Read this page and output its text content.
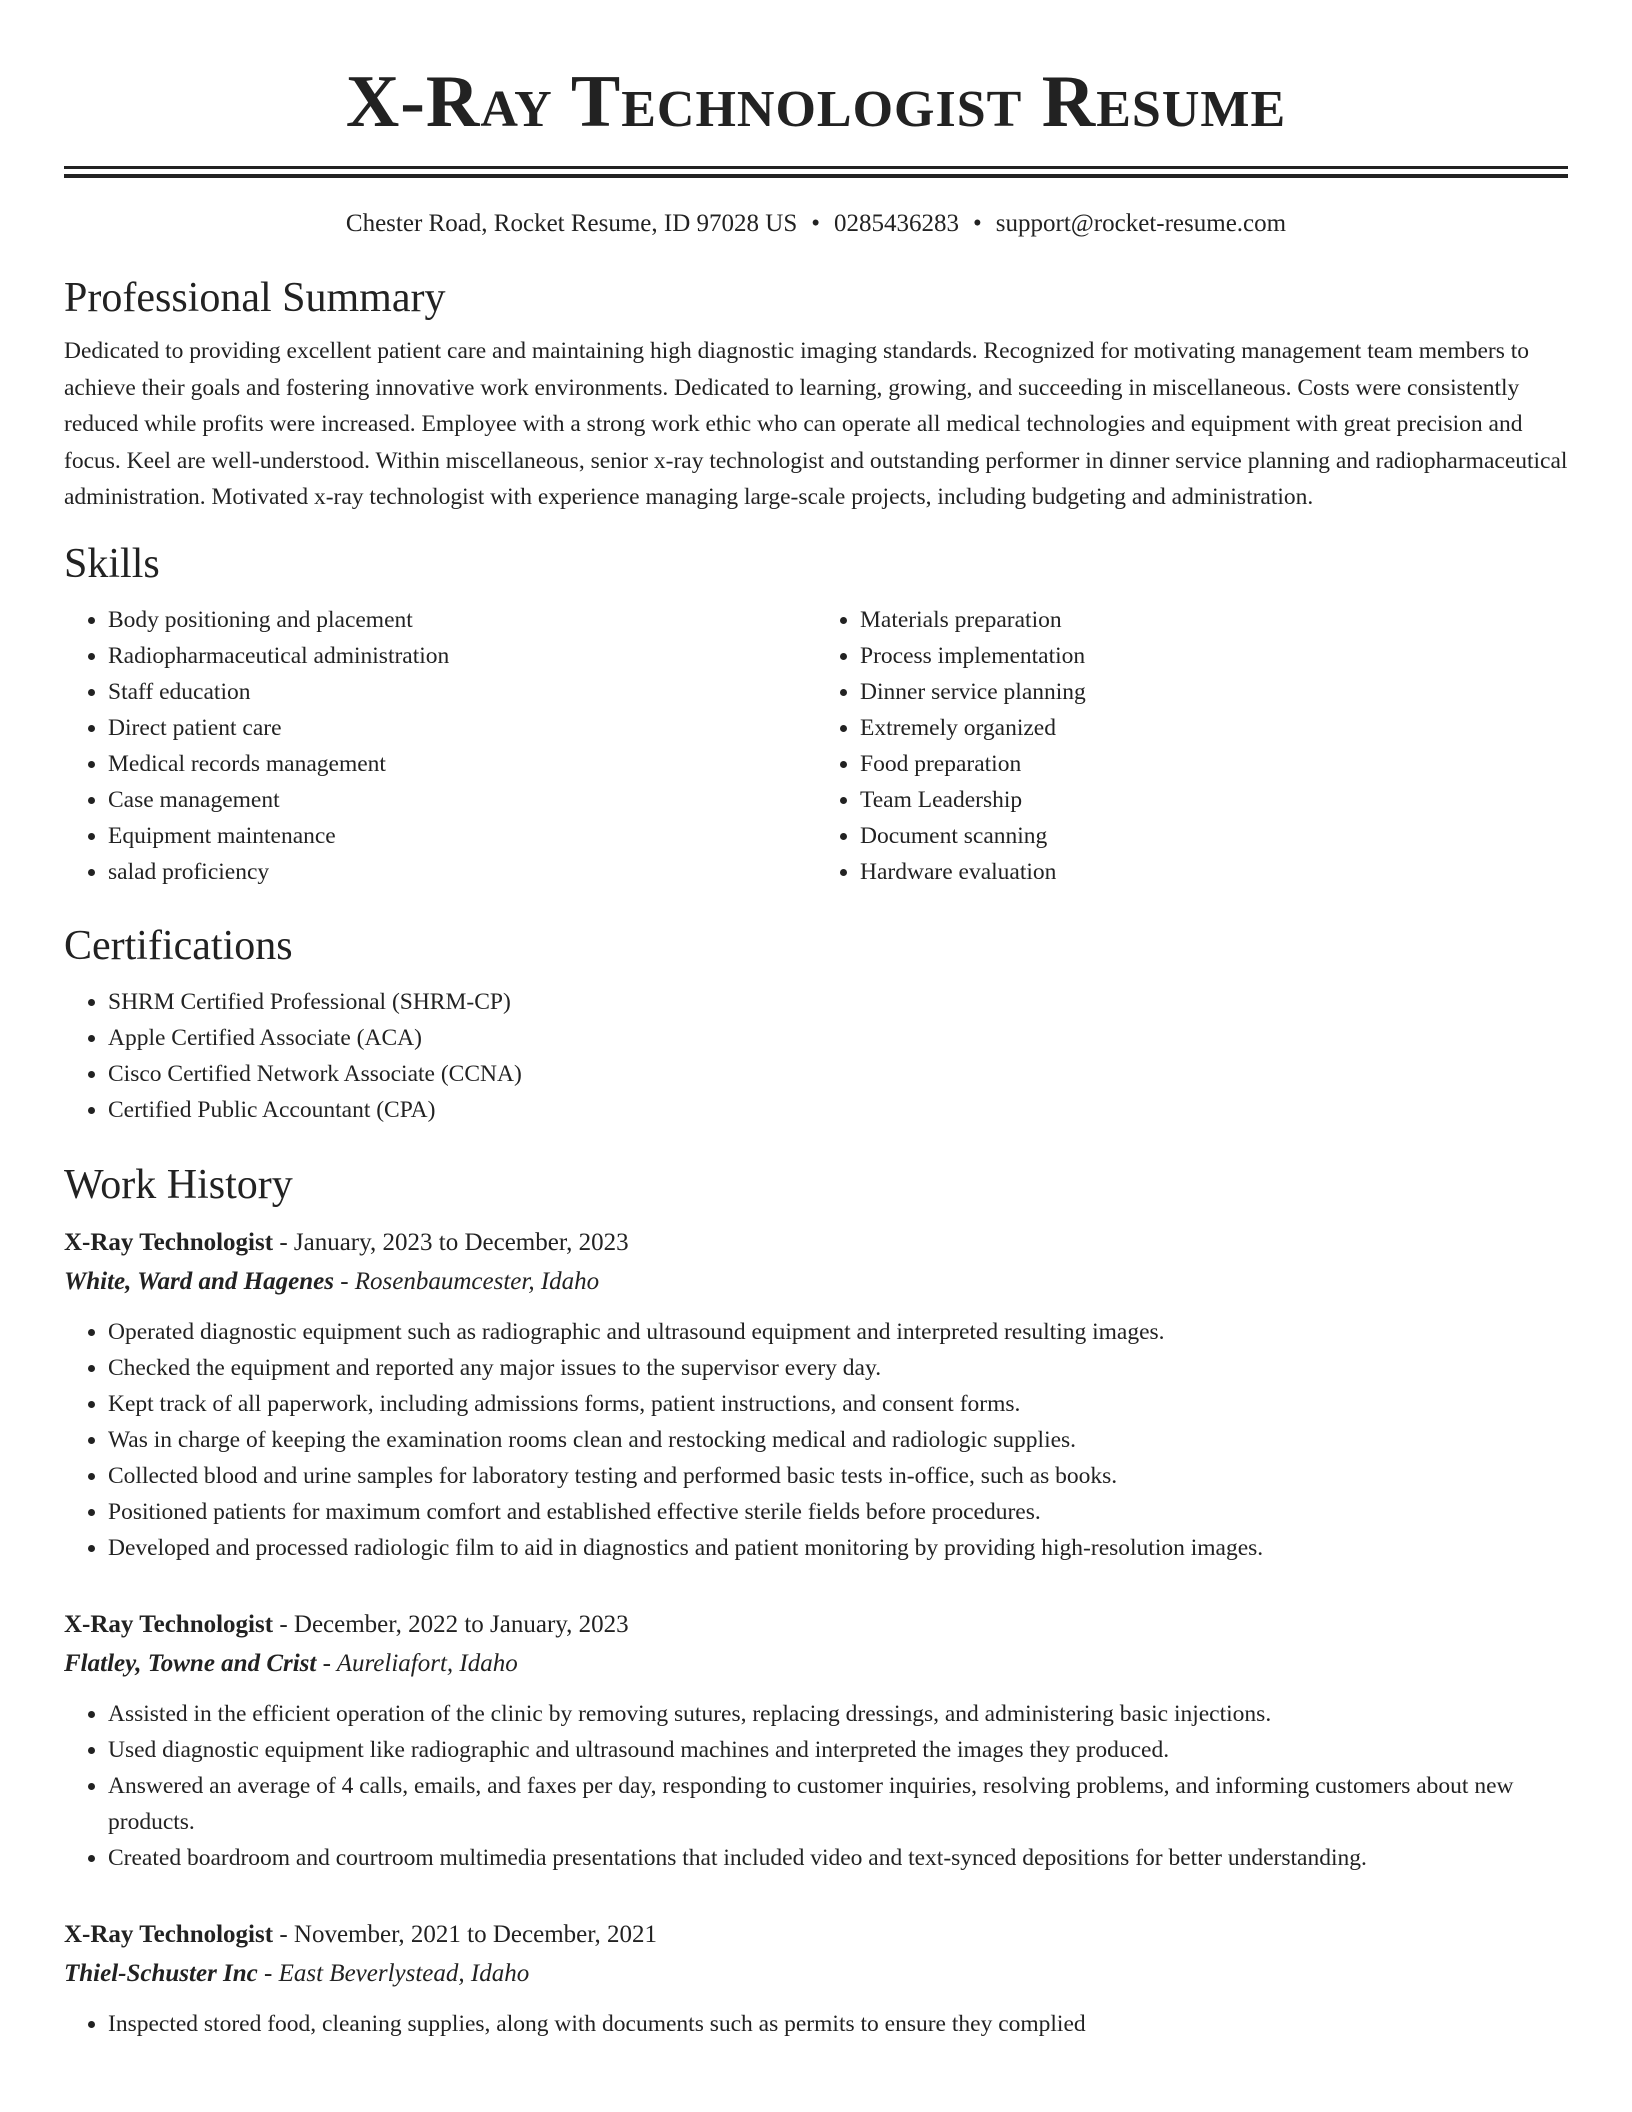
X-Ray Technologist Resume
Chester Road, Rocket Resume, ID 97028 US • 0285436283 • support@rocket-resume.com
Professional Summary
Dedicated to providing excellent patient care and maintaining high diagnostic imaging standards. Recognized for motivating management team members to achieve their goals and fostering innovative work environments. Dedicated to learning, growing, and succeeding in miscellaneous. Costs were consistently reduced while profits were increased. Employee with a strong work ethic who can operate all medical technologies and equipment with great precision and focus. Keel are well-understood. Within miscellaneous, senior x-ray technologist and outstanding performer in dinner service planning and radiopharmaceutical administration. Motivated x-ray technologist with experience managing large-scale projects, including budgeting and administration.
Skills
• Body positioning and placement
• Radiopharmaceutical administration
• Staff education
• Direct patient care
• Medical records management
• Case management
• Equipment maintenance
• salad proficiency
• Materials preparation
• Process implementation
• Dinner service planning
• Extremely organized
• Food preparation
• Team Leadership
• Document scanning
• Hardware evaluation
Certifications
• SHRM Certified Professional (SHRM-CP)
• Apple Certified Associate (ACA)
• Cisco Certified Network Associate (CCNA)
• Certified Public Accountant (CPA)
Work History
X-Ray Technologist - January, 2023 to December, 2023
White, Ward and Hagenes - Rosenbaumcester, Idaho
• Operated diagnostic equipment such as radiographic and ultrasound equipment and interpreted resulting images.
• Checked the equipment and reported any major issues to the supervisor every day.
• Kept track of all paperwork, including admissions forms, patient instructions, and consent forms.
• Was in charge of keeping the examination rooms clean and restocking medical and radiologic supplies.
• Collected blood and urine samples for laboratory testing and performed basic tests in-office, such as books.
• Positioned patients for maximum comfort and established effective sterile fields before procedures.
• Developed and processed radiologic film to aid in diagnostics and patient monitoring by providing high-resolution images.
X-Ray Technologist - December, 2022 to January, 2023
Flatley, Towne and Crist - Aureliafort, Idaho
• Assisted in the efficient operation of the clinic by removing sutures, replacing dressings, and administering basic injections.
• Used diagnostic equipment like radiographic and ultrasound machines and interpreted the images they produced.
• Answered an average of 4 calls, emails, and faxes per day, responding to customer inquiries, resolving problems, and informing customers about new products.
• Created boardroom and courtroom multimedia presentations that included video and text-synced depositions for better understanding.
X-Ray Technologist - November, 2021 to December, 2021
Thiel-Schuster Inc - East Beverlystead, Idaho
• Inspected stored food, cleaning supplies, along with documents such as permits to ensure they complied
